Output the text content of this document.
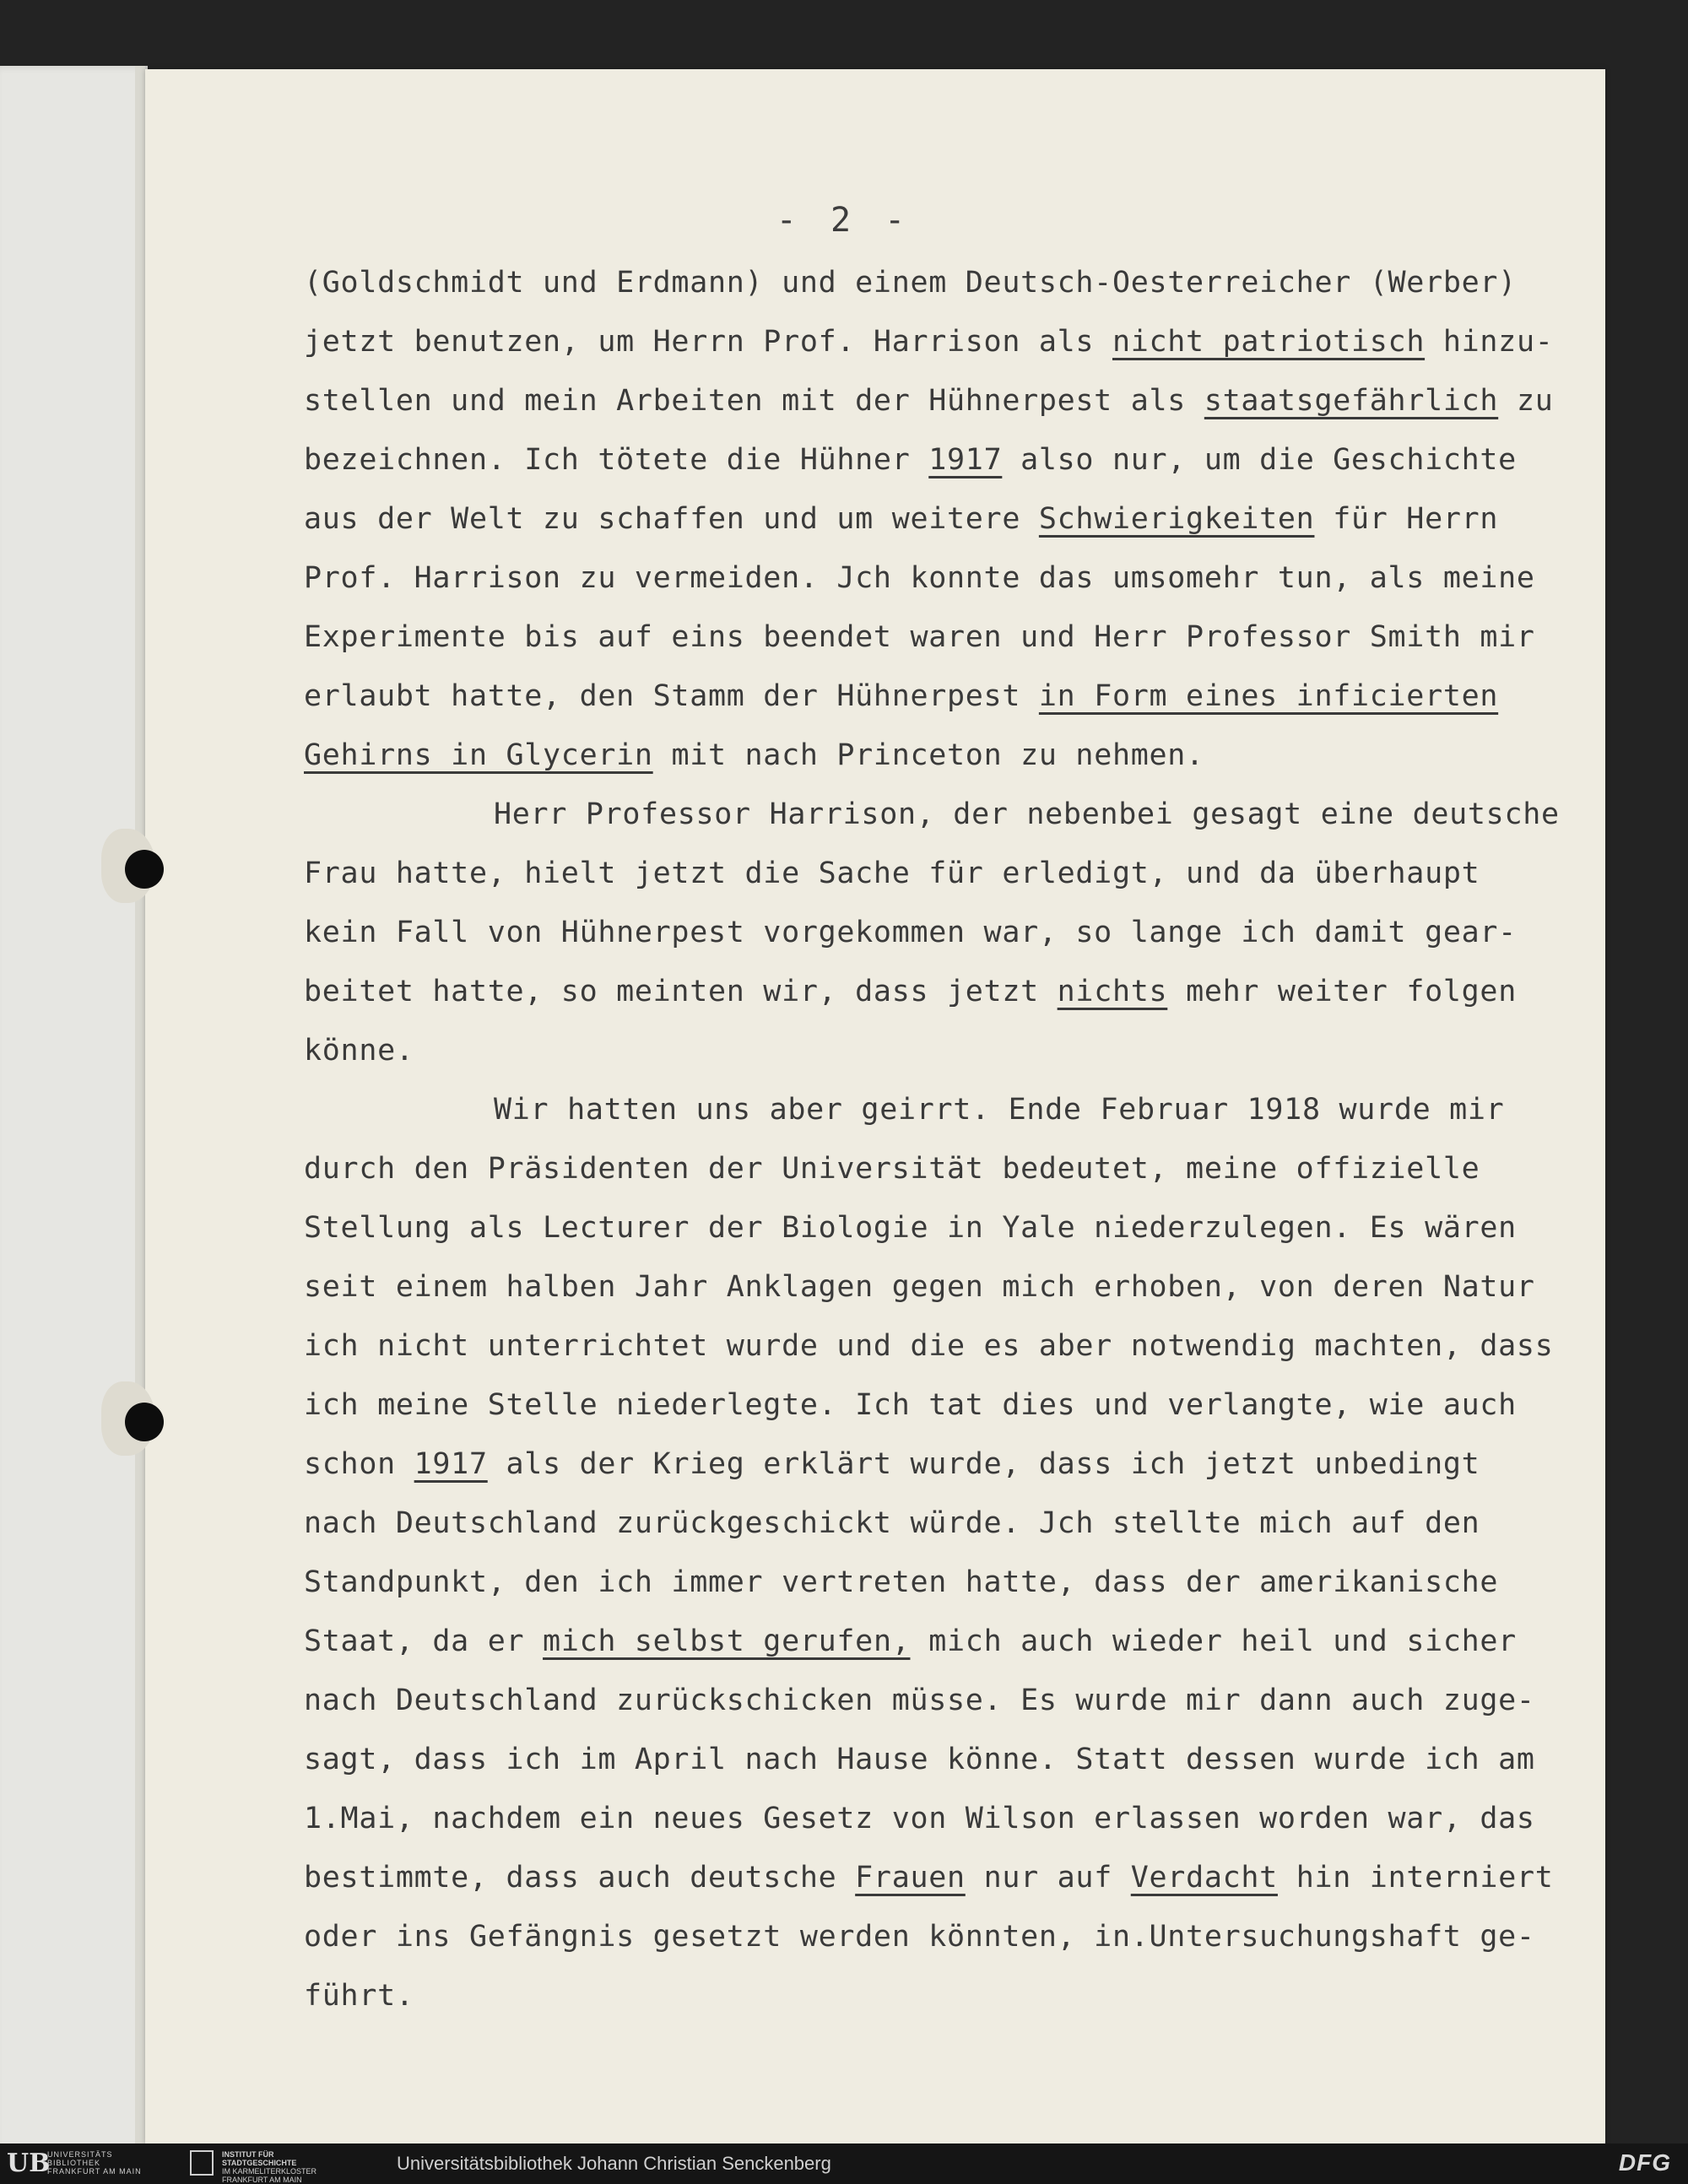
- 2 -
(Goldschmidt und Erdmann) und einem Deutsch-Oesterreicher (Werber)
jetzt benutzen, um Herrn Prof. Harrison als nicht patriotisch hinzu-
stellen und mein Arbeiten mit der Hühnerpest als staatsgefährlich zu
bezeichnen. Ich tötete die Hühner 1917 also nur, um die Geschichte
aus der Welt zu schaffen und um weitere Schwierigkeiten für Herrn
Prof. Harrison zu vermeiden. Jch konnte das umsomehr tun, als meine
Experimente bis auf eins beendet waren und Herr Professor Smith mir
erlaubt hatte, den Stamm der Hühnerpest in Form eines inficierten
Gehirns in Glycerin mit nach Princeton zu nehmen.
Herr Professor Harrison, der nebenbei gesagt eine deutsche
Frau hatte, hielt jetzt die Sache für erledigt, und da überhaupt
kein Fall von Hühnerpest vorgekommen war, so lange ich damit gear-
beitet hatte, so meinten wir, dass jetzt nichts mehr weiter folgen
könne.
Wir hatten uns aber geirrt. Ende Februar 1918 wurde mir
durch den Präsidenten der Universität bedeutet, meine offizielle
Stellung als Lecturer der Biologie in Yale niederzulegen. Es wären
seit einem halben Jahr Anklagen gegen mich erhoben, von deren Natur
ich nicht unterrichtet wurde und die es aber notwendig machten, dass
ich meine Stelle niederlegte. Ich tat dies und verlangte, wie auch
schon 1917 als der Krieg erklärt wurde, dass ich jetzt unbedingt
nach Deutschland zurückgeschickt würde. Jch stellte mich auf den
Standpunkt, den ich immer vertreten hatte, dass der amerikanische
Staat, da er mich selbst gerufen, mich auch wieder heil und sicher
nach Deutschland zurückschicken müsse. Es wurde mir dann auch zuge-
sagt, dass ich im April nach Hause könne. Statt dessen wurde ich am
1.Mai, nachdem ein neues Gesetz von Wilson erlassen worden war, das
bestimmte, dass auch deutsche Frauen nur auf Verdacht hin interniert
oder ins Gefängnis gesetzt werden könnten, in.Untersuchungshaft ge-
führt.
UB
UNIVERSITÄTS
BIBLIOTHEK
FRANKFURT AM MAIN
INSTITUT FÜR
STADTGESCHICHTE
IM KARMELITERKLOSTER
FRANKFURT AM MAIN
Universitätsbibliothek Johann Christian Senckenberg	DFG
